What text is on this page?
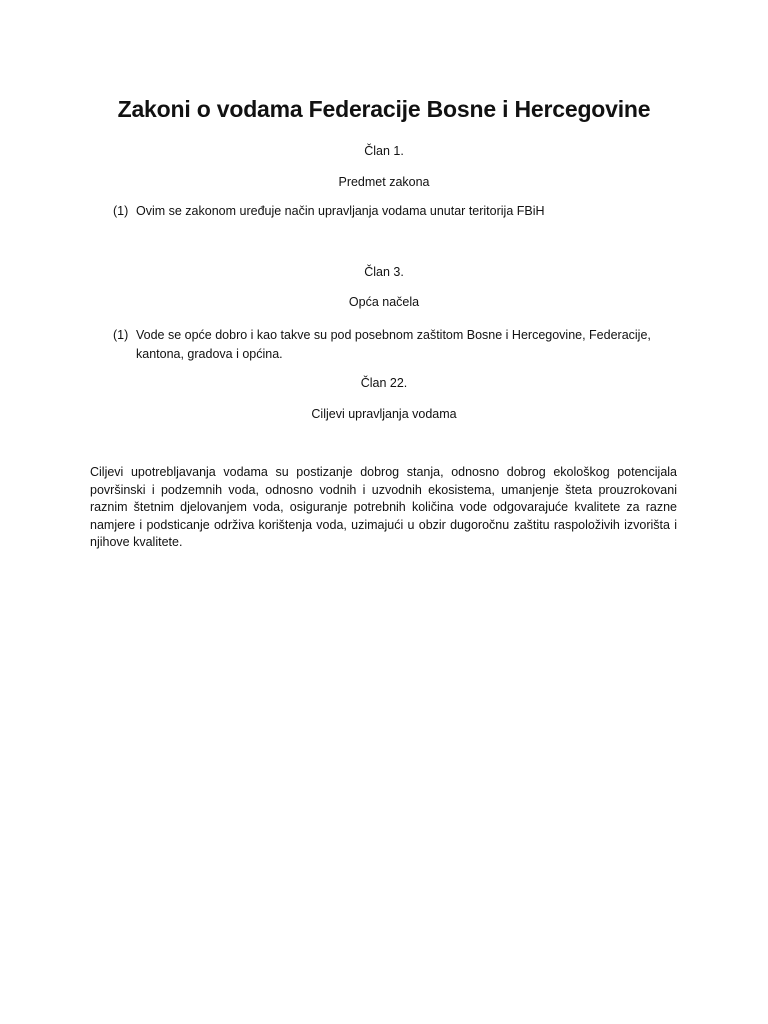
Zakoni o vodama Federacije Bosne i Hercegovine
Član 1.
Predmet zakona
(1) Ovim se zakonom uređuje način upravljanja vodama unutar teritorija FBiH
Član 3.
Opća načela
(1) Vode se opće dobro i kao takve su pod posebnom zaštitom Bosne i Hercegovine, Federacije, kantona, gradova i općina.
Član 22.
Ciljevi upravljanja vodama

Ciljevi upotrebljavanja vodama su postizanje dobrog stanja, odnosno dobrog ekološkog potencijala površinski i podzemnih voda, odnosno vodnih i uzvodnih ekosistema, umanjenje šteta prouzrokovani raznim štetnim djelovanjem voda, osiguranje potrebnih količina vode odgovarajuće kvalitete za razne namjere i podsticanje održiva korištenja voda, uzimajući u obzir dugoročnu zaštitu raspoloživih izvorišta i njihove kvalitete.
